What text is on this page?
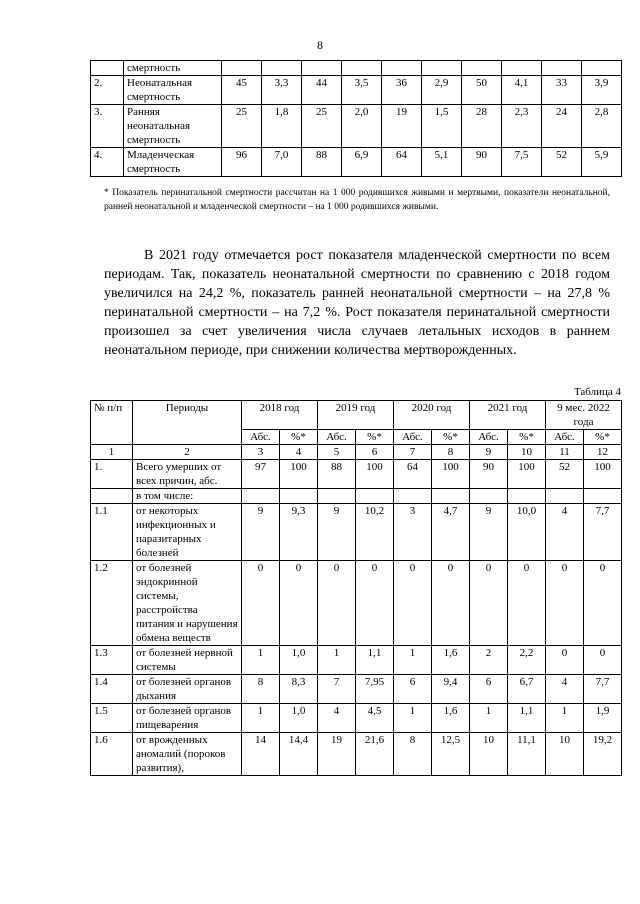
8
	смертность										
2.	Неонатальная смертность	45	3,3	44	3,5	36	2,9	50	4,1	33	3,9
3.	Ранняя неонатальная смертность	25	1,8	25	2,0	19	1,5	28	2,3	24	2,8
4.	Младенческая смертность	96	7,0	88	6,9	64	5,1	90	7,5	52	5,9
* Показатель перинатальной смертности рассчитан на 1 000 родившихся живыми и мертвыми, показатели неонатальной, ранней неонатальной и младенческой смертности – на 1 000 родившихся живыми.

В 2021 году отмечается рост показателя младенческой смертности по всем периодам. Так, показатель неонатальной смертности по сравнению с 2018 годом увеличился на 24,2 %, показатель ранней неонатальной смертности – на 27,8 % перинатальной смертности – на 7,2 %. Рост показателя перинатальной смертности произошел за счет увеличения числа случаев летальных исходов в раннем неонатальном периоде, при снижении количества мертворожденных.

Таблица 4
№ п/п	Периоды	2018 год		2019 год		2020 год		2021 год		9 мес. 2022 года	
		Абс.	%*	Абс.	%*	Абс.	%*	Абс.	%*	Абс.	%*
1	2	3	4	5	6	7	8	9	10	11	12
1.	Всего умерших от всех причин, абс.	97	100	88	100	64	100	90	100	52	100
	в том числе:										
1.1	от некоторых инфекционных и паразитарных болезней	9	9,3	9	10,2	3	4,7	9	10,0	4	7,7
1.2	от болезней эндокринной системы, расстройства питания и нарушения обмена веществ	0	0	0	0	0	0	0	0	0	0
1.3	от болезней нервной системы	1	1,0	1	1,1	1	1,6	2	2,2	0	0
1.4	от болезней органов дыхания	8	8,3	7	7,95	6	9,4	6	6,7	4	7,7
1.5	от болезней органов пищеварения	1	1,0	4	4,5	1	1,6	1	1,1	1	1,9
1.6	от врожденных аномалий (пороков развития),	14	14,4	19	21,6	8	12,5	10	11,1	10	19,2
